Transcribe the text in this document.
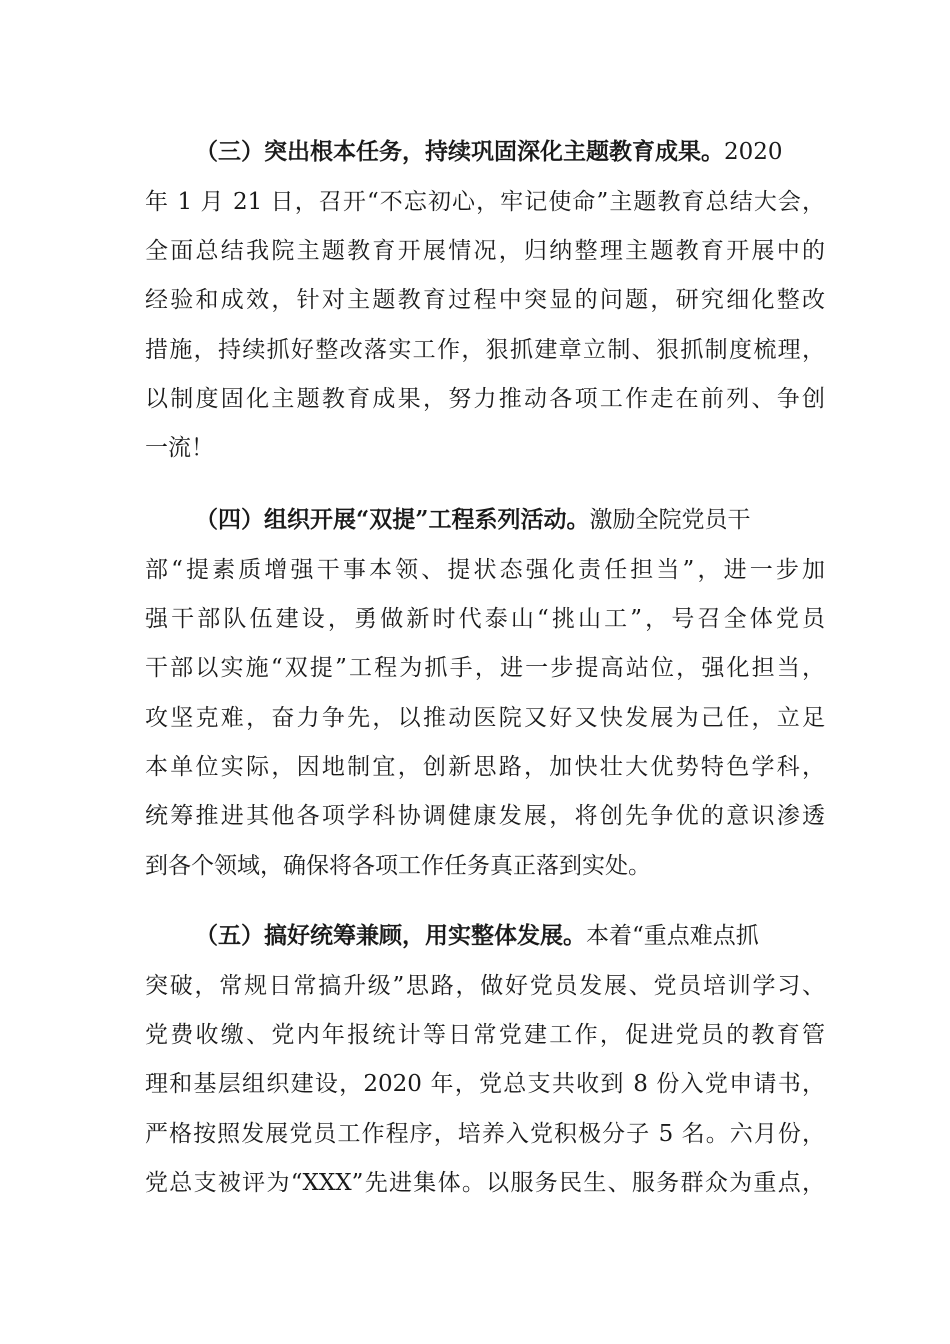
（三）突出根本任务，持续巩固深化主题教育成果。2020
年 1 月 21 日，召开“不忘初心，牢记使命”主题教育总结大会，
全面总结我院主题教育开展情况，归纳整理主题教育开展中的
经验和成效，针对主题教育过程中突显的问题，研究细化整改
措施，持续抓好整改落实工作，狠抓建章立制、狠抓制度梳理，
以制度固化主题教育成果，努力推动各项工作走在前列、争创
一流！
（四）组织开展“双提”工程系列活动。激励全院党员干
部“提素质增强干事本领、提状态强化责任担当”，进一步加
强干部队伍建设，勇做新时代泰山“挑山工”，号召全体党员
干部以实施“双提”工程为抓手，进一步提高站位，强化担当，
攻坚克难，奋力争先，以推动医院又好又快发展为己任，立足
本单位实际，因地制宜，创新思路，加快壮大优势特色学科，
统筹推进其他各项学科协调健康发展，将创先争优的意识渗透
到各个领域，确保将各项工作任务真正落到实处。
（五）搞好统筹兼顾，用实整体发展。本着“重点难点抓
突破，常规日常搞升级”思路，做好党员发展、党员培训学习、
党费收缴、党内年报统计等日常党建工作，促进党员的教育管
理和基层组织建设，2020 年，党总支共收到 8 份入党申请书，
严格按照发展党员工作程序，培养入党积极分子 5 名。六月份，
党总支被评为“XXX”先进集体。以服务民生、服务群众为重点，
